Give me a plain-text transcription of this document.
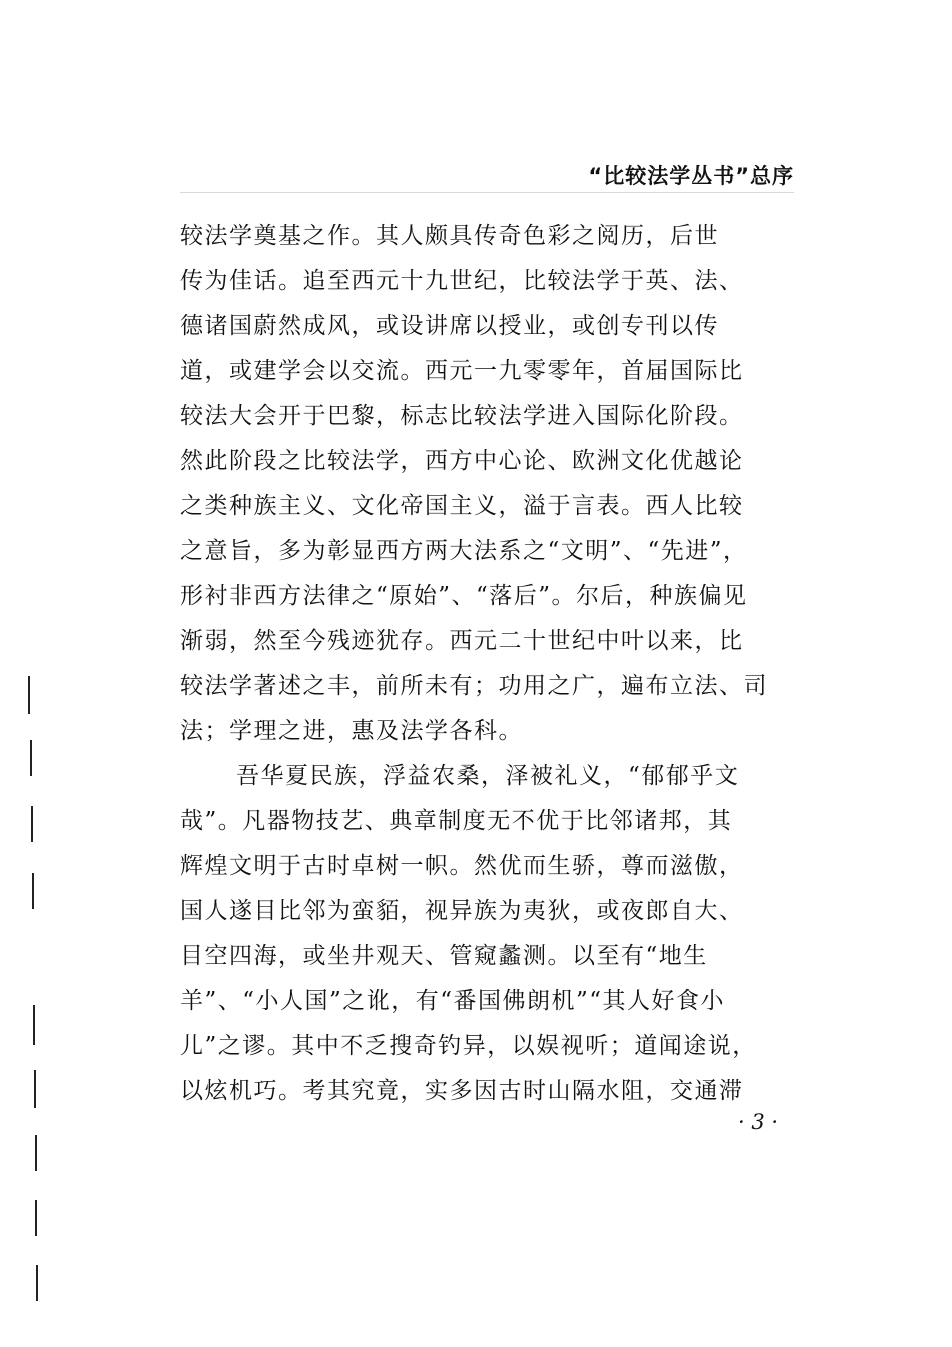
“比较法学丛书”总序
较法学奠基之作。其人颇具传奇色彩之阅历，后世
传为佳话。追至西元十九世纪，比较法学于英、法、
德诸国蔚然成风，或设讲席以授业，或创专刊以传
道，或建学会以交流。西元一九零零年，首届国际比
较法大会开于巴黎，标志比较法学进入国际化阶段。
然此阶段之比较法学，西方中心论、欧洲文化优越论
之类种族主义、文化帝国主义，溢于言表。西人比较
之意旨，多为彰显西方两大法系之“文明”、“先进”，
形衬非西方法律之“原始”、“落后”。尔后，种族偏见
渐弱，然至今残迹犹存。西元二十世纪中叶以来，比
较法学著述之丰，前所未有；功用之广，遍布立法、司
法；学理之进，惠及法学各科。
吾华夏民族，浮益农桑，泽被礼义，“郁郁乎文
哉”。凡器物技艺、典章制度无不优于比邻诸邦，其
辉煌文明于古时卓树一帜。然优而生骄，尊而滋傲，
国人遂目比邻为蛮貊，视异族为夷狄，或夜郎自大、
目空四海，或坐井观天、管窥蠡测。以至有“地生
羊”、“小人国”之讹，有“番国佛朗机”“其人好食小
儿”之谬。其中不乏搜奇钓异，以娱视听；道闻途说，
以炫机巧。考其究竟，实多因古时山隔水阻，交通滞
· 3 ·
